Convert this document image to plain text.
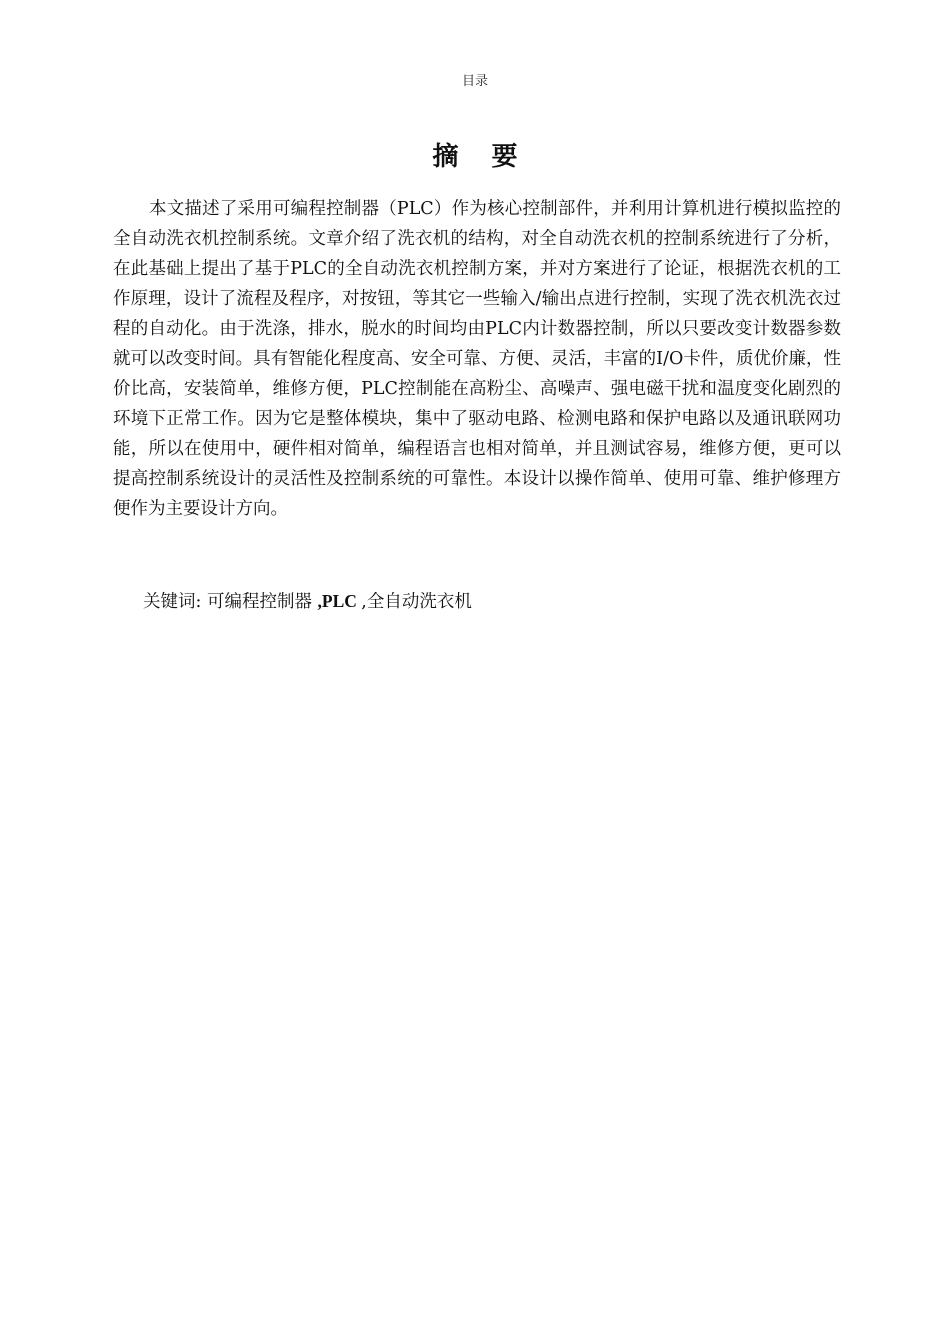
目录
摘 要

本文描述了采用可编程控制器（PLC）作为核心控制部件，并利用计算机进行模拟监控的全自动洗衣机控制系统。文章介绍了洗衣机的结构，对全自动洗衣机的控制系统进行了分析，在此基础上提出了基于PLC的全自动洗衣机控制方案，并对方案进行了论证，根据洗衣机的工作原理，设计了流程及程序，对按钮，等其它一些输入/输出点进行控制，实现了洗衣机洗衣过程的自动化。由于洗涤，排水，脱水的时间均由PLC内计数器控制，所以只要改变计数器参数就可以改变时间。具有智能化程度高、安全可靠、方便、灵活，丰富的I/O卡件，质优价廉，性价比高，安装简单，维修方便，PLC控制能在高粉尘、高噪声、强电磁干扰和温度变化剧烈的环境下正常工作。因为它是整体模块，集中了驱动电路、检测电路和保护电路以及通讯联网功能，所以在使用中，硬件相对简单，编程语言也相对简单，并且测试容易，维修方便，更可以提高控制系统设计的灵活性及控制系统的可靠性。本设计以操作简单、使用可靠、维护修理方便作为主要设计方向。

关键词: 可编程控制器 ,PLC ,全自动洗衣机
